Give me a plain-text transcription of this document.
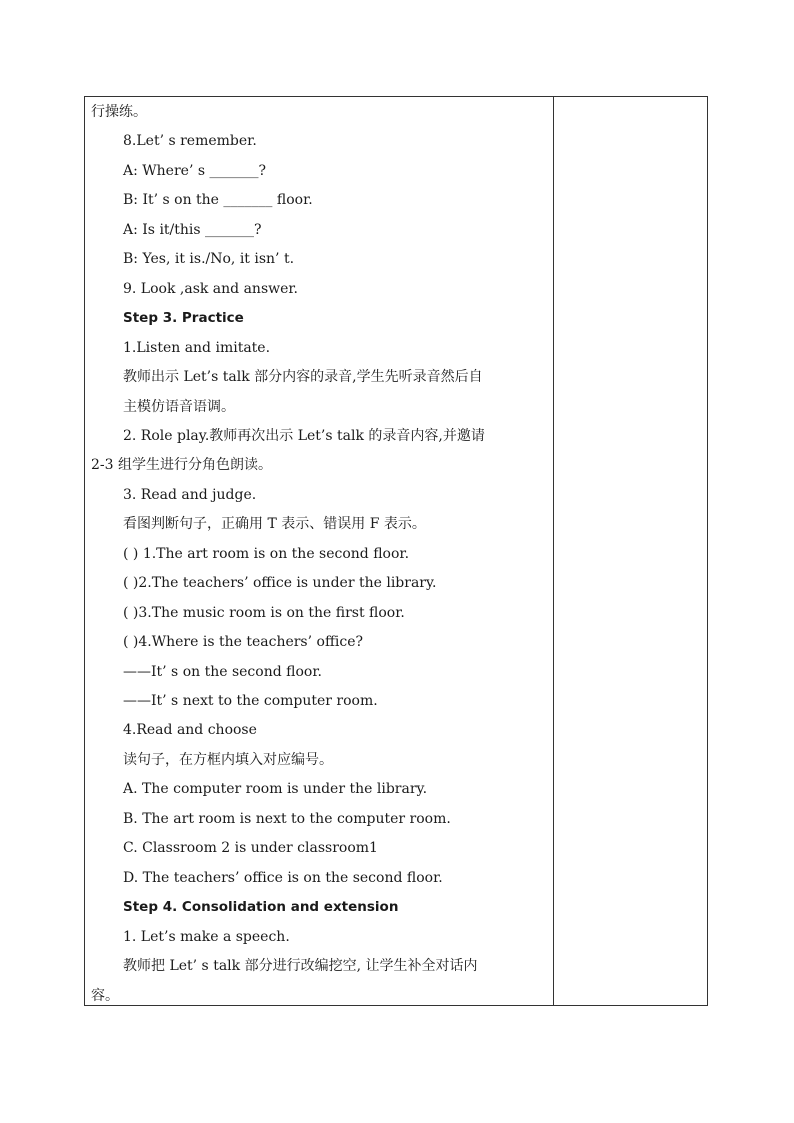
行操练。
8.Let’ s remember.
A: Where’ s _______?
B: It’ s on the _______ floor.
A: Is it/this _______?
B: Yes, it is./No, it isn’ t.
9. Look ,ask and answer.
Step 3. Practice
1.Listen and imitate.
教师出示 Let’s talk 部分内容的录音,学生先听录音然后自
主模仿语音语调。
2. Role play.教师再次出示 Let’s talk 的录音内容,并邀请
2-3 组学生进行分角色朗读。
3. Read and judge.
看图判断句子，正确用 T 表示、错误用 F 表示。
( ) 1.The art room is on the second floor.
( )2.The teachers’ office is under the library.
( )3.The music room is on the first floor.
( )4.Where is the teachers’ office?
——It’ s on the second floor.
——It’ s next to the computer room.
4.Read and choose
读句子，在方框内填入对应编号。
A. The computer room is under the library.
B. The art room is next to the computer room.
C. Classroom 2 is under classroom1
D. The teachers’ office is on the second floor.
Step 4. Consolidation and extension
1. Let’s make a speech.
教师把 Let’ s talk 部分进行改编挖空, 让学生补全对话内
容。
